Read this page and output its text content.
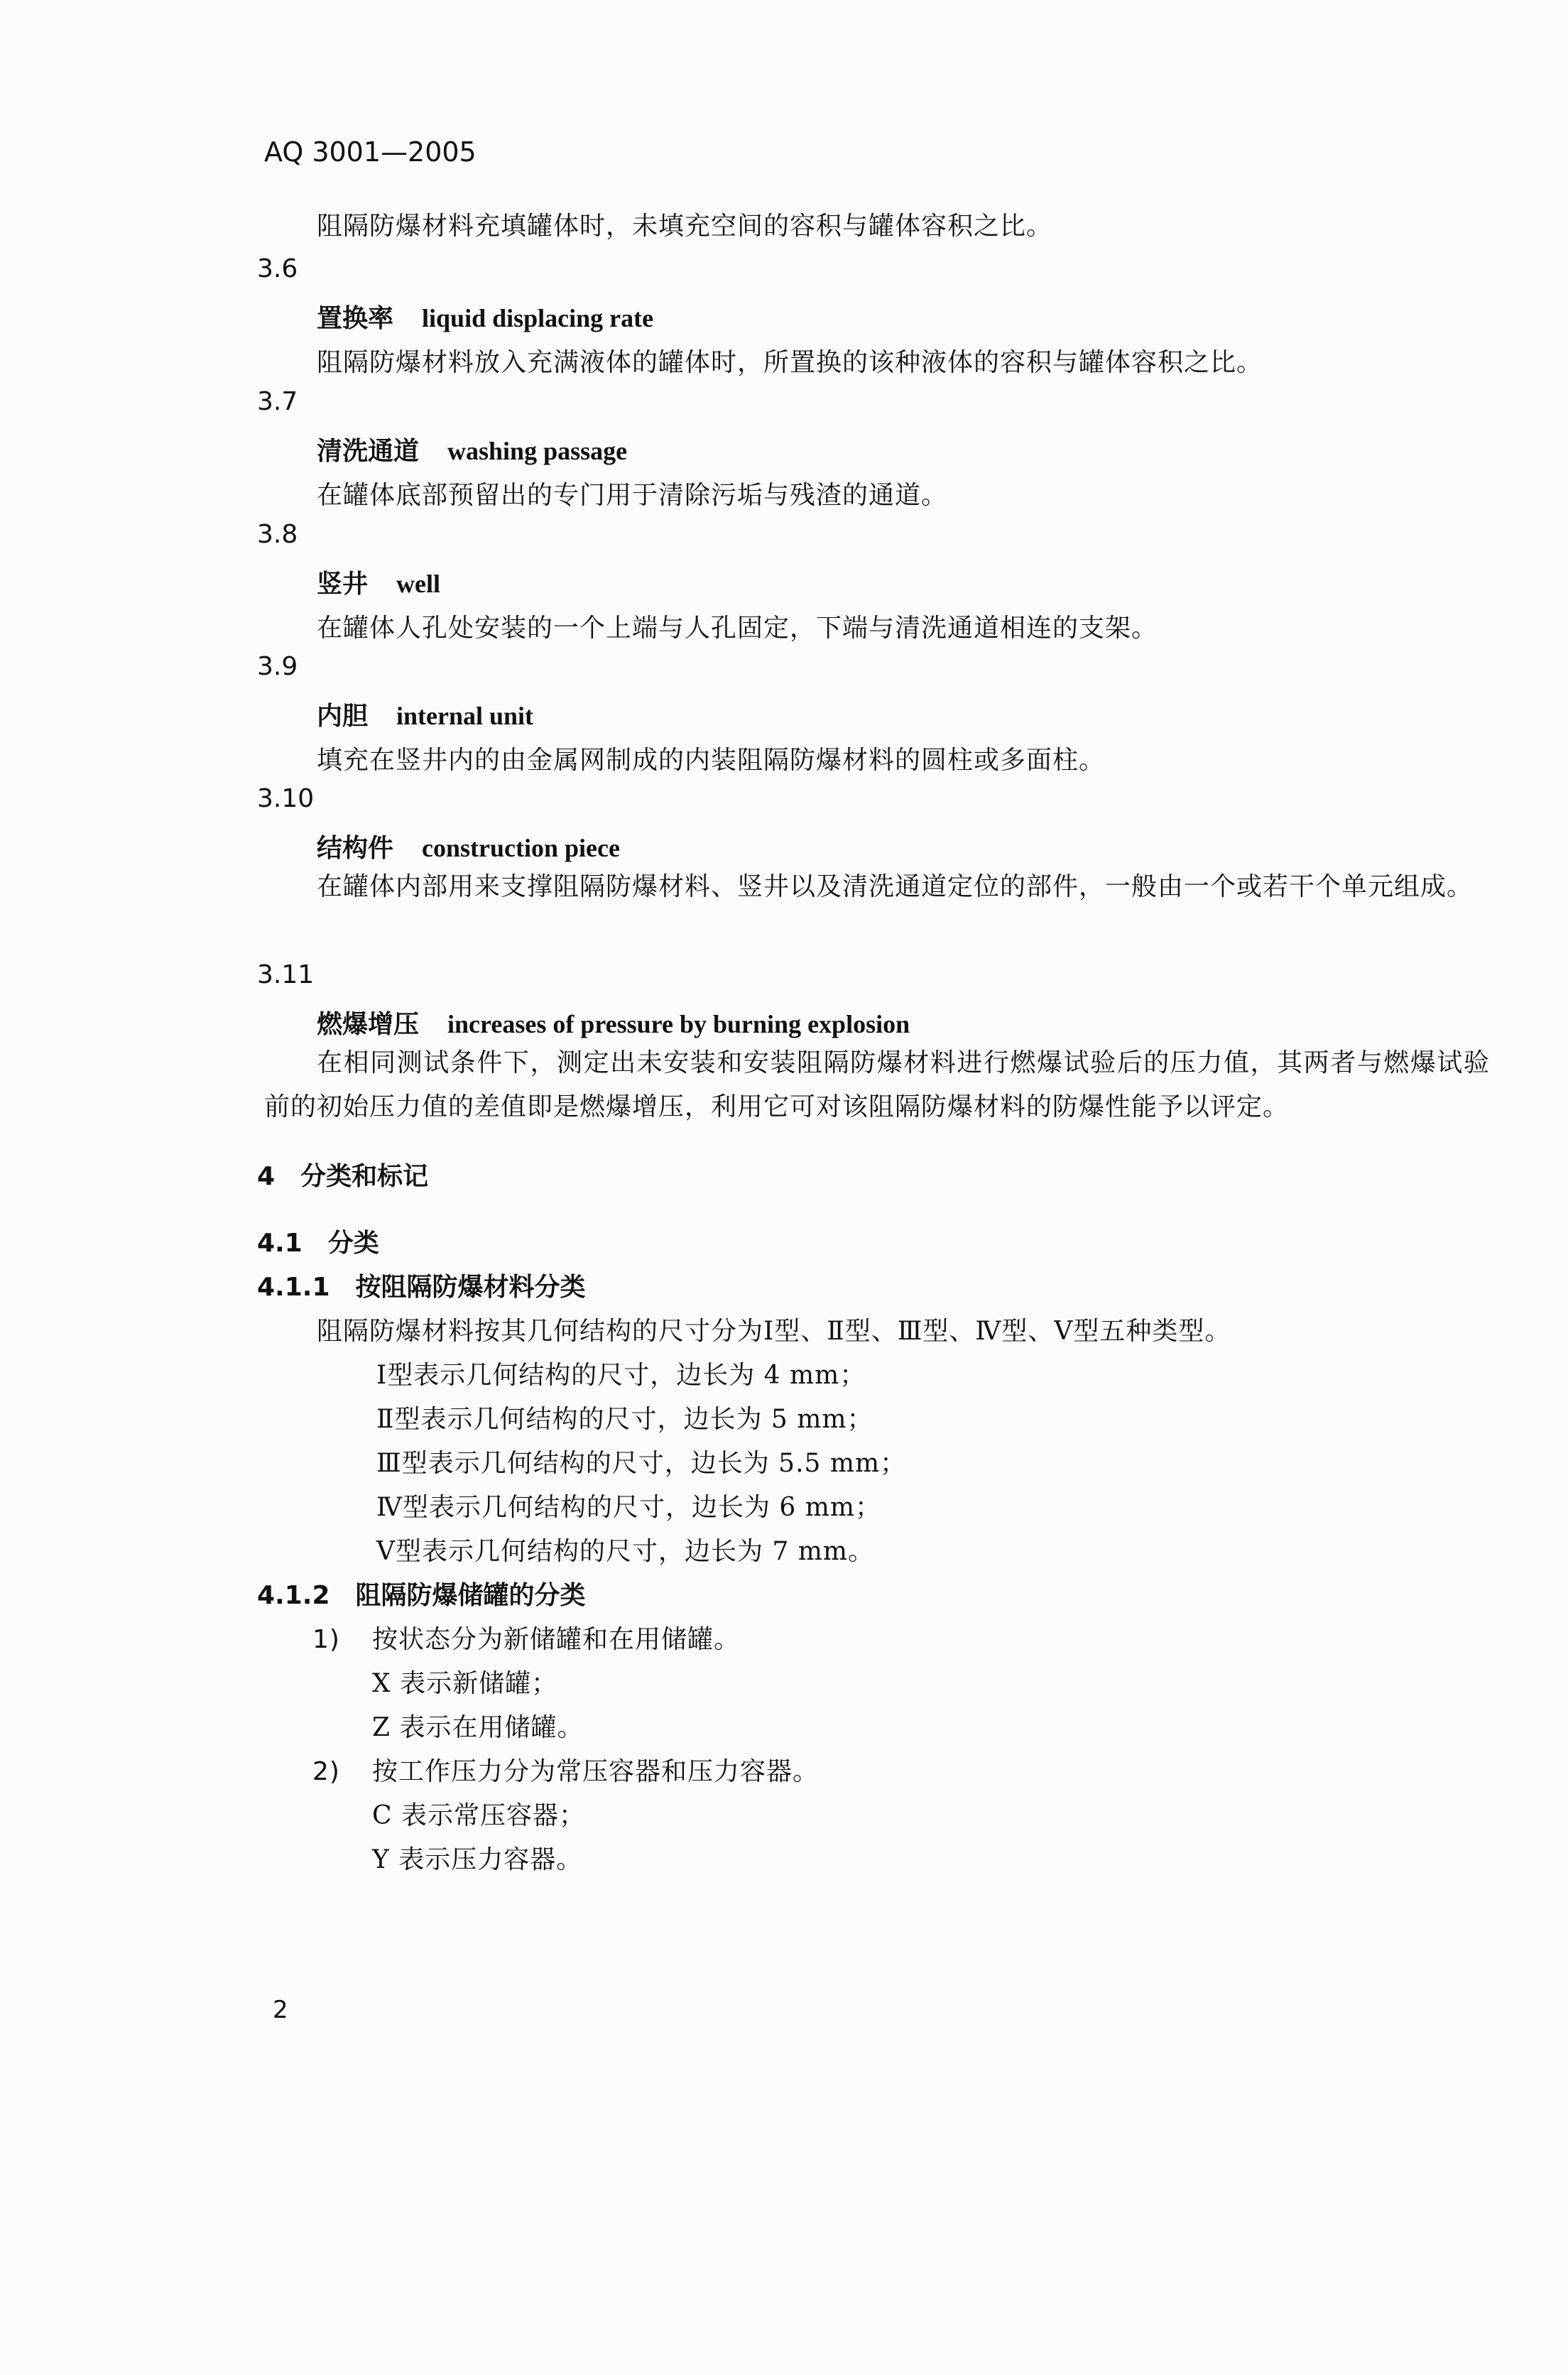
AQ 3001—2005
阻隔防爆材料充填罐体时，未填充空间的容积与罐体容积之比。
3.6
置换率 liquid displacing rate
阻隔防爆材料放入充满液体的罐体时，所置换的该种液体的容积与罐体容积之比。
3.7
清洗通道 washing passage
在罐体底部预留出的专门用于清除污垢与残渣的通道。
3.8
竖井 well
在罐体人孔处安装的一个上端与人孔固定，下端与清洗通道相连的支架。
3.9
内胆 internal unit
填充在竖井内的由金属网制成的内装阻隔防爆材料的圆柱或多面柱。
3.10
结构件 construction piece
在罐体内部用来支撑阻隔防爆材料、竖井以及清洗通道定位的部件，一般由一个或若干个单元组成。
3.11
燃爆增压 increases of pressure by burning explosion
在相同测试条件下，测定出未安装和安装阻隔防爆材料进行燃爆试验后的压力值，其两者与燃爆试验前的初始压力值的差值即是燃爆增压，利用它可对该阻隔防爆材料的防爆性能予以评定。
4 分类和标记
4.1 分类
4.1.1 按阻隔防爆材料分类
阻隔防爆材料按其几何结构的尺寸分为Ⅰ型、Ⅱ型、Ⅲ型、Ⅳ型、Ⅴ型五种类型。
Ⅰ型表示几何结构的尺寸，边长为 4 mm；
Ⅱ型表示几何结构的尺寸，边长为 5 mm；
Ⅲ型表示几何结构的尺寸，边长为 5.5 mm；
Ⅳ型表示几何结构的尺寸，边长为 6 mm；
Ⅴ型表示几何结构的尺寸，边长为 7 mm。
4.1.2 阻隔防爆储罐的分类
1) 按状态分为新储罐和在用储罐。
X 表示新储罐；
Z 表示在用储罐。
2) 按工作压力分为常压容器和压力容器。
C 表示常压容器；
Y 表示压力容器。
2
